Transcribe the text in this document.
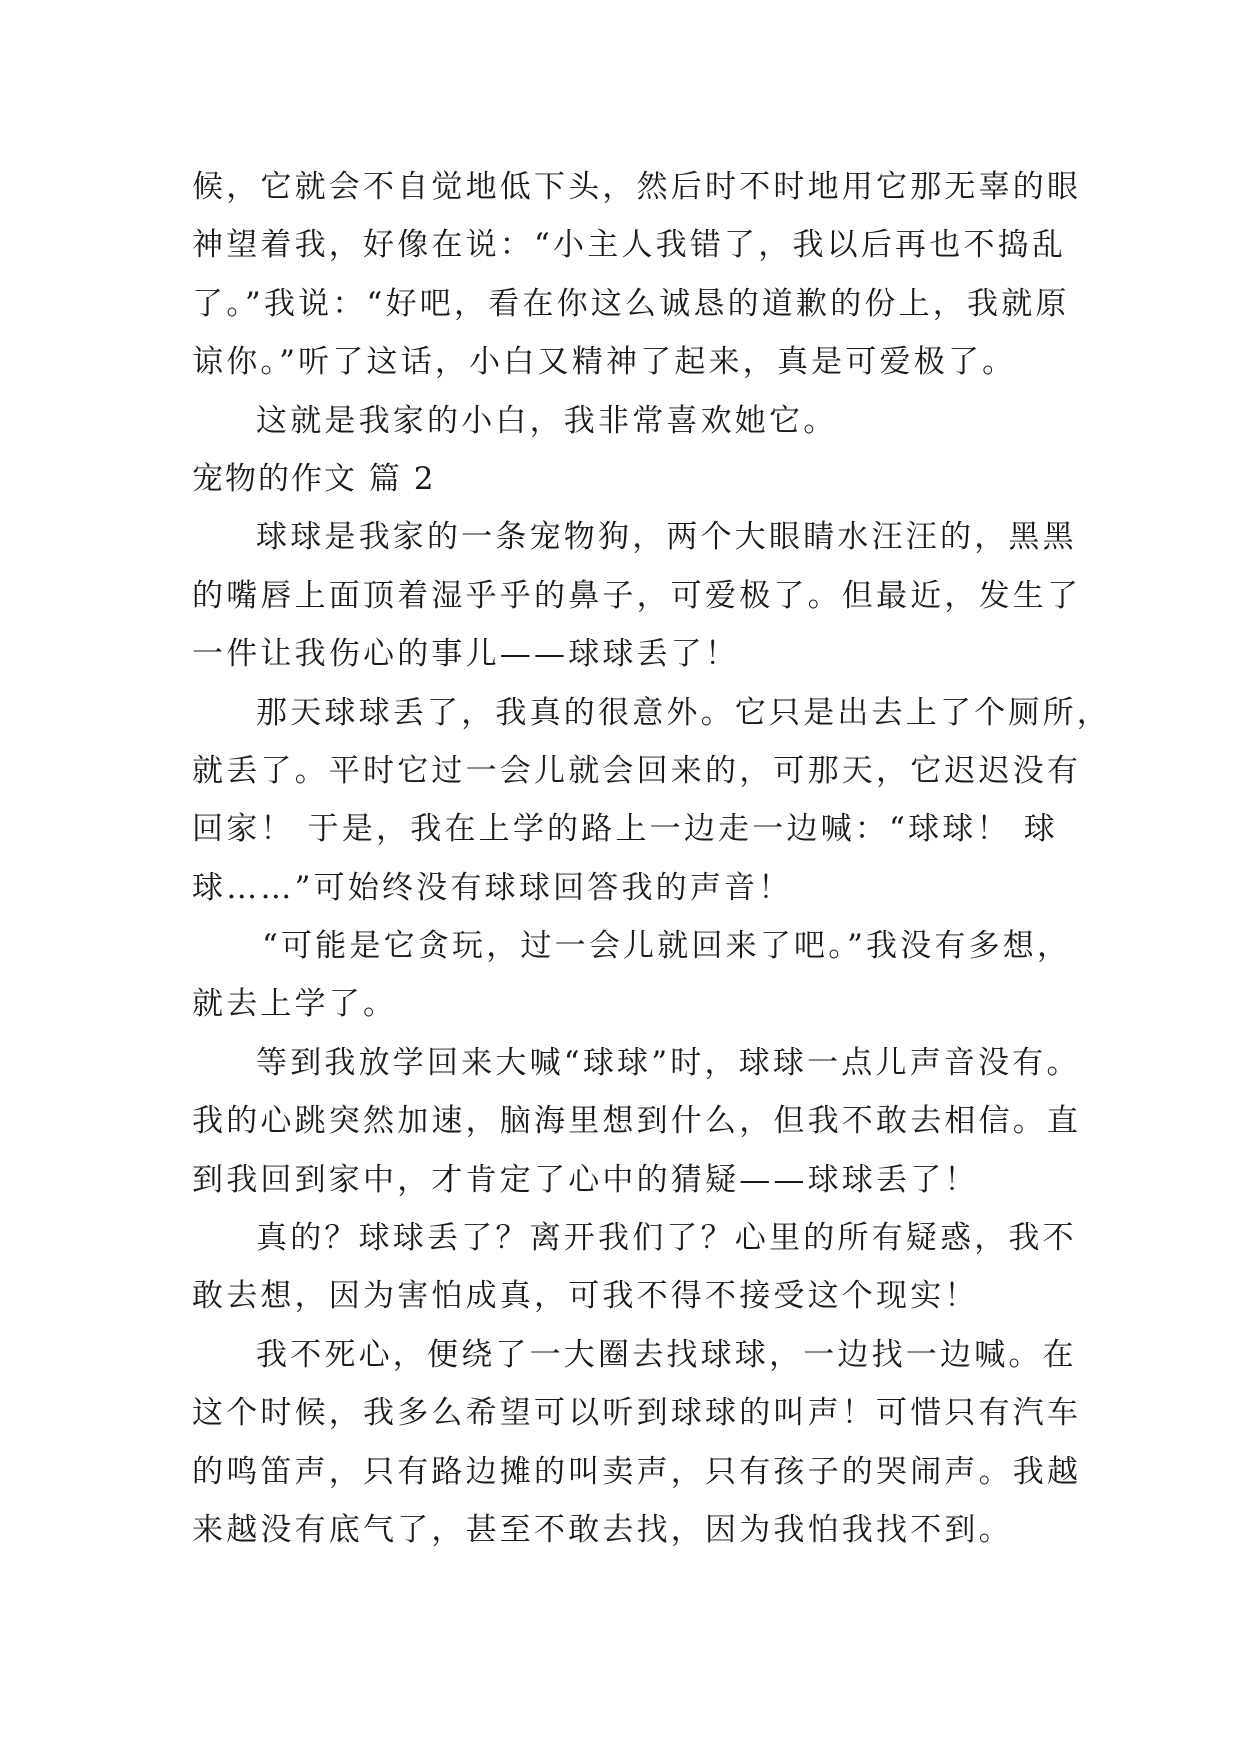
候，它就会不自觉地低下头，然后时不时地用它那无辜的眼
神望着我，好像在说：“小主人我错了，我以后再也不捣乱
了。”我说：“好吧，看在你这么诚恳的道歉的份上，我就原
谅你。”听了这话，小白又精神了起来，真是可爱极了。
这就是我家的小白，我非常喜欢她它。
宠物的作文 篇 2
球球是我家的一条宠物狗，两个大眼睛水汪汪的，黑黑
的嘴唇上面顶着湿乎乎的鼻子，可爱极了。但最近，发生了
一件让我伤心的事儿——球球丢了！
那天球球丢了，我真的很意外。它只是出去上了个厕所，
就丢了。平时它过一会儿就会回来的，可那天，它迟迟没有
回家！ 于是，我在上学的路上一边走一边喊：“球球！ 球
球……”可始终没有球球回答我的声音！
“可能是它贪玩，过一会儿就回来了吧。”我没有多想，
就去上学了。
等到我放学回来大喊“球球”时，球球一点儿声音没有。
我的心跳突然加速，脑海里想到什么，但我不敢去相信。直
到我回到家中，才肯定了心中的猜疑——球球丢了！
真的？球球丢了？离开我们了？心里的所有疑惑，我不
敢去想，因为害怕成真，可我不得不接受这个现实！
我不死心，便绕了一大圈去找球球，一边找一边喊。在
这个时候，我多么希望可以听到球球的叫声！可惜只有汽车
的鸣笛声，只有路边摊的叫卖声，只有孩子的哭闹声。我越
来越没有底气了，甚至不敢去找，因为我怕我找不到。
